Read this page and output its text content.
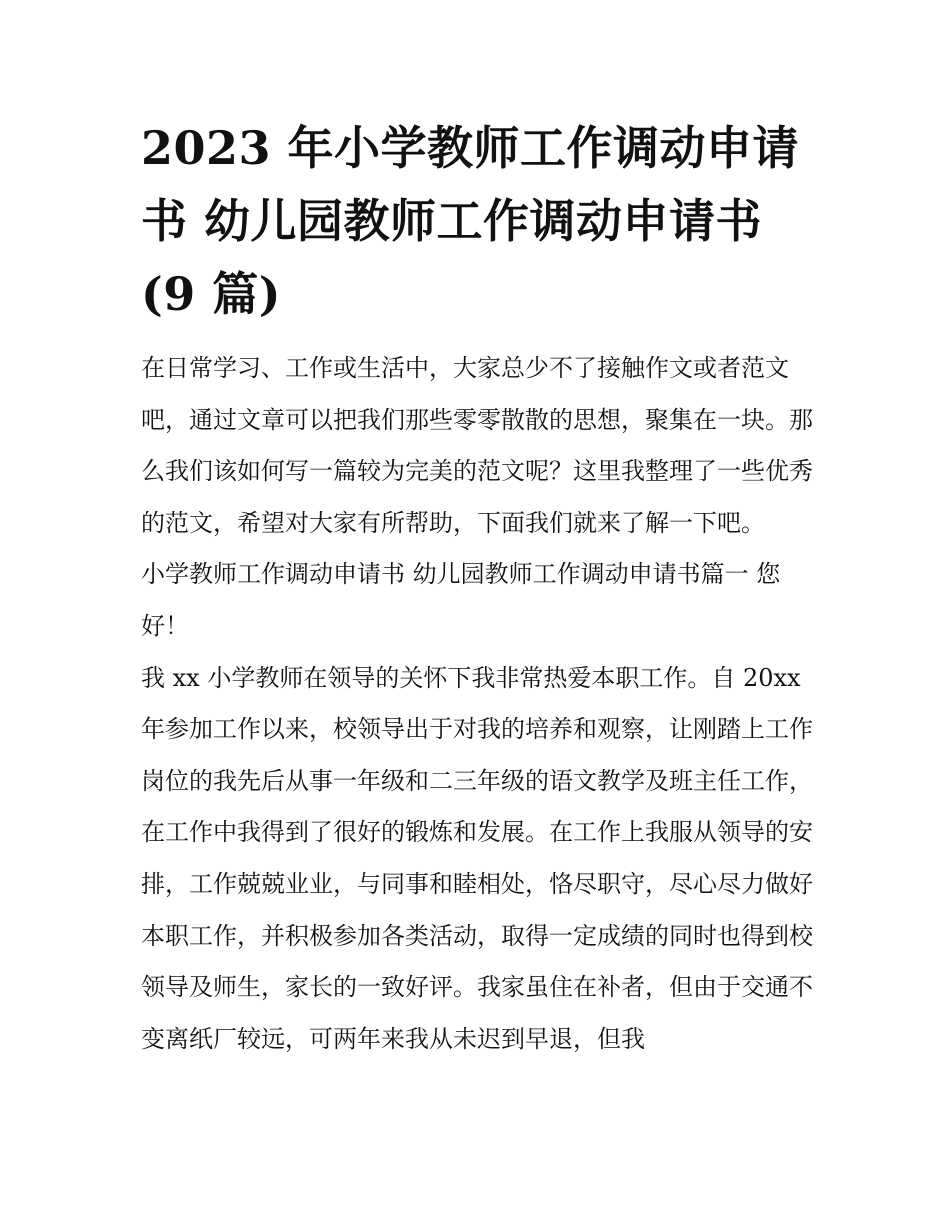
2023 年小学教师工作调动申请书 幼儿园教师工作调动申请书(9 篇)

在日常学习、工作或生活中，大家总少不了接触作文或者范文吧，通过文章可以把我们那些零零散散的思想，聚集在一块。那么我们该如何写一篇较为完美的范文呢？这里我整理了一些优秀的范文，希望对大家有所帮助，下面我们就来了解一下吧。

小学教师工作调动申请书 幼儿园教师工作调动申请书篇一 您好！

我 xx 小学教师在领导的关怀下我非常热爱本职工作。自 20xx 年参加工作以来，校领导出于对我的培养和观察，让刚踏上工作岗位的我先后从事一年级和二三年级的语文教学及班主任工作，在工作中我得到了很好的锻炼和发展。在工作上我服从领导的安排，工作兢兢业业，与同事和睦相处，恪尽职守，尽心尽力做好本职工作，并积极参加各类活动，取得一定成绩的同时也得到校领导及师生，家长的一致好评。我家虽住在补者，但由于交通不变离纸厂较远，可两年来我从未迟到早退，但我
